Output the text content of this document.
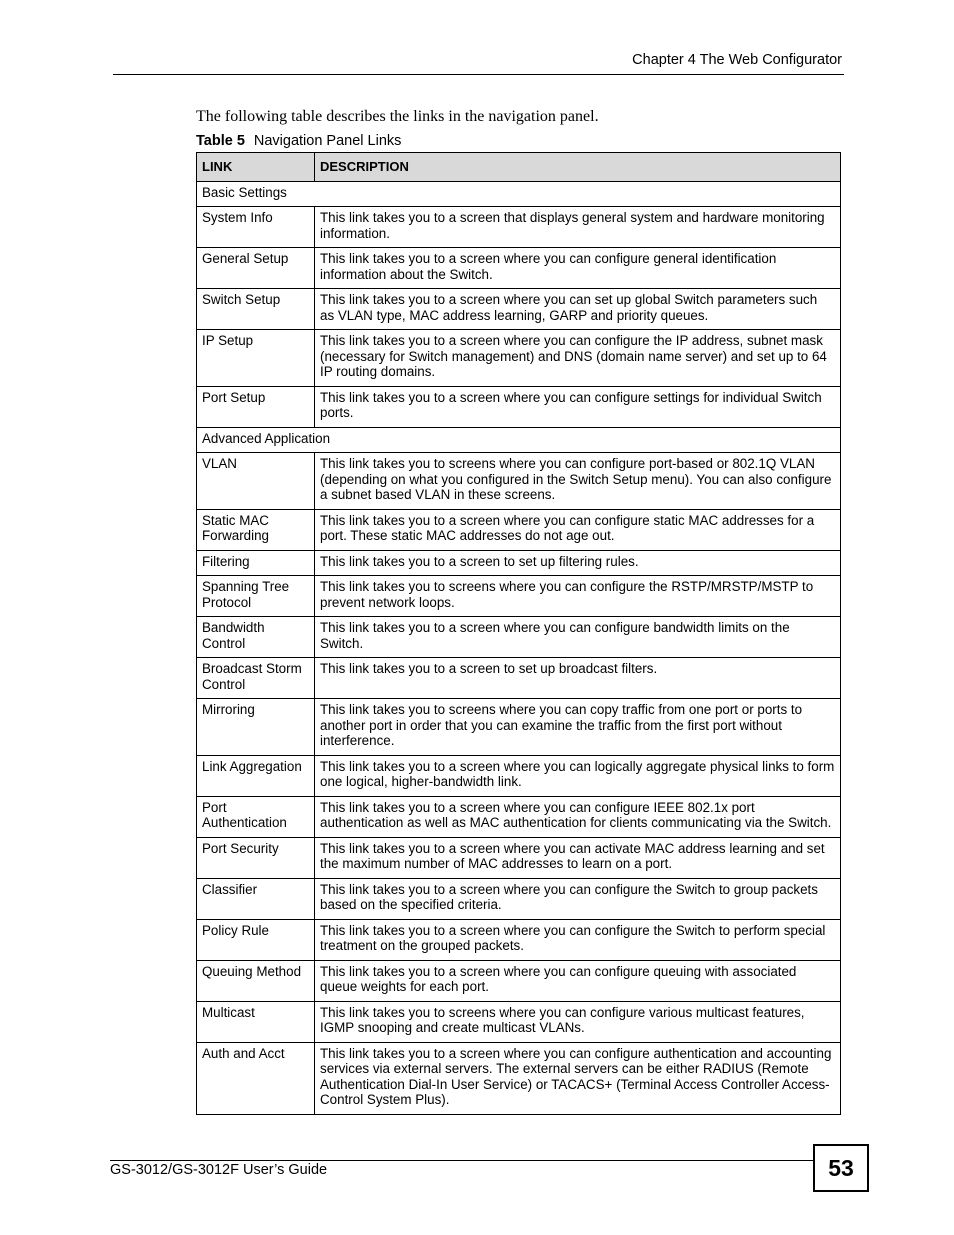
Chapter 4 The Web Configurator
The following table describes the links in the navigation panel.
Table 5 Navigation Panel Links
LINK	DESCRIPTION
Basic Settings	
System Info	This link takes you to a screen that displays general system and hardware monitoring information.
General Setup	This link takes you to a screen where you can configure general identification information about the Switch.
Switch Setup	This link takes you to a screen where you can set up global Switch parameters such as VLAN type, MAC address learning, GARP and priority queues.
IP Setup	This link takes you to a screen where you can configure the IP address, subnet mask (necessary for Switch management) and DNS (domain name server) and set up to 64 IP routing domains.
Port Setup	This link takes you to a screen where you can configure settings for individual Switch ports.
Advanced Application	
VLAN	This link takes you to screens where you can configure port-based or 802.1Q VLAN (depending on what you configured in the Switch Setup menu). You can also configure a subnet based VLAN in these screens.
Static MAC Forwarding	This link takes you to a screen where you can configure static MAC addresses for a port. These static MAC addresses do not age out.
Filtering	This link takes you to a screen to set up filtering rules.
Spanning Tree Protocol	This link takes you to screens where you can configure the RSTP/MRSTP/MSTP to prevent network loops.
Bandwidth Control	This link takes you to a screen where you can configure bandwidth limits on the Switch.
Broadcast Storm Control	This link takes you to a screen to set up broadcast filters.
Mirroring	This link takes you to screens where you can copy traffic from one port or ports to another port in order that you can examine the traffic from the first port without interference.
Link Aggregation	This link takes you to a screen where you can logically aggregate physical links to form one logical, higher-bandwidth link.
Port Authentication	This link takes you to a screen where you can configure IEEE 802.1x port authentication as well as MAC authentication for clients communicating via the Switch.
Port Security	This link takes you to a screen where you can activate MAC address learning and set the maximum number of MAC addresses to learn on a port.
Classifier	This link takes you to a screen where you can configure the Switch to group packets based on the specified criteria.
Policy Rule	This link takes you to a screen where you can configure the Switch to perform special treatment on the grouped packets.
Queuing Method	This link takes you to a screen where you can configure queuing with associated queue weights for each port.
Multicast	This link takes you to screens where you can configure various multicast features, IGMP snooping and create multicast VLANs.
Auth and Acct	This link takes you to a screen where you can configure authentication and accounting services via external servers. The external servers can be either RADIUS (Remote Authentication Dial-In User Service) or TACACS+ (Terminal Access Controller Access-Control System Plus).
GS-3012/GS-3012F User’s Guide	53
